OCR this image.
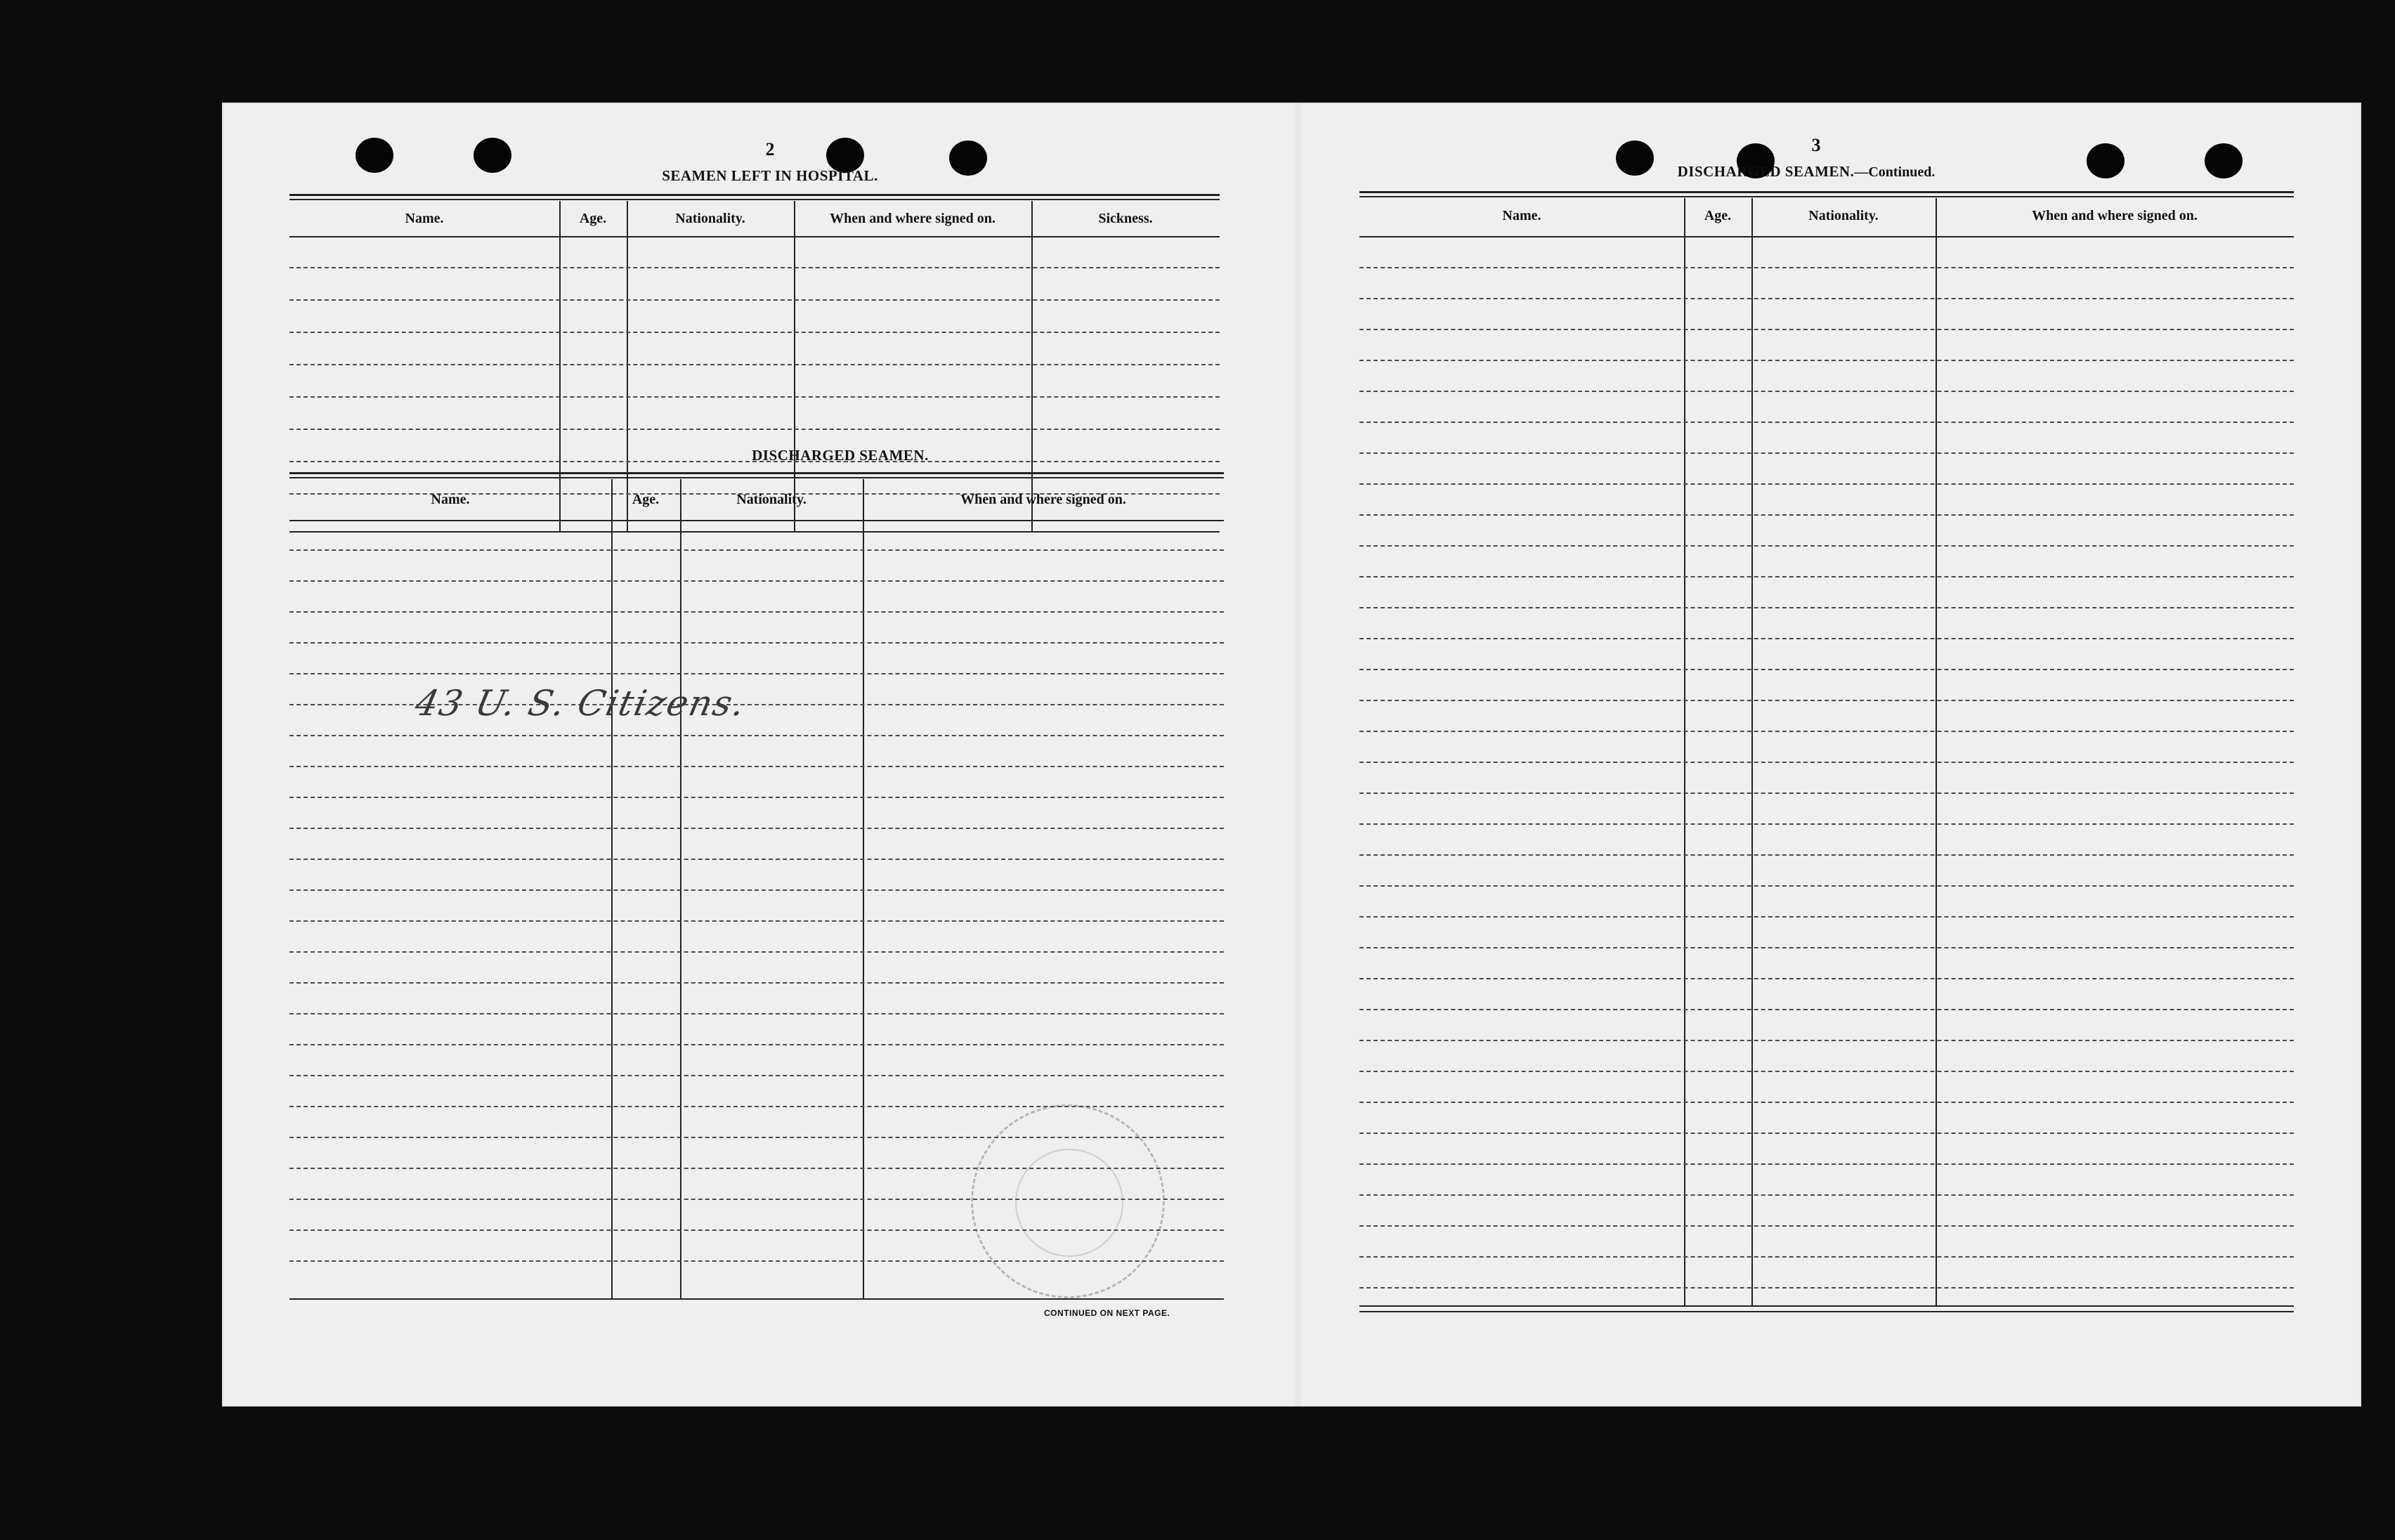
2
SEAMEN LEFT IN HOSPITAL.
Name.	Age.	Nationality.	When and where signed on.	Sickness.
DISCHARGED SEAMEN.
Name.	Age.	Nationality.	When and where signed on.
43 U. S. Citizens.
CONTINUED ON NEXT PAGE.
3
DISCHARGED SEAMEN.—Continued.
Name.	Age.	Nationality.	When and where signed on.
